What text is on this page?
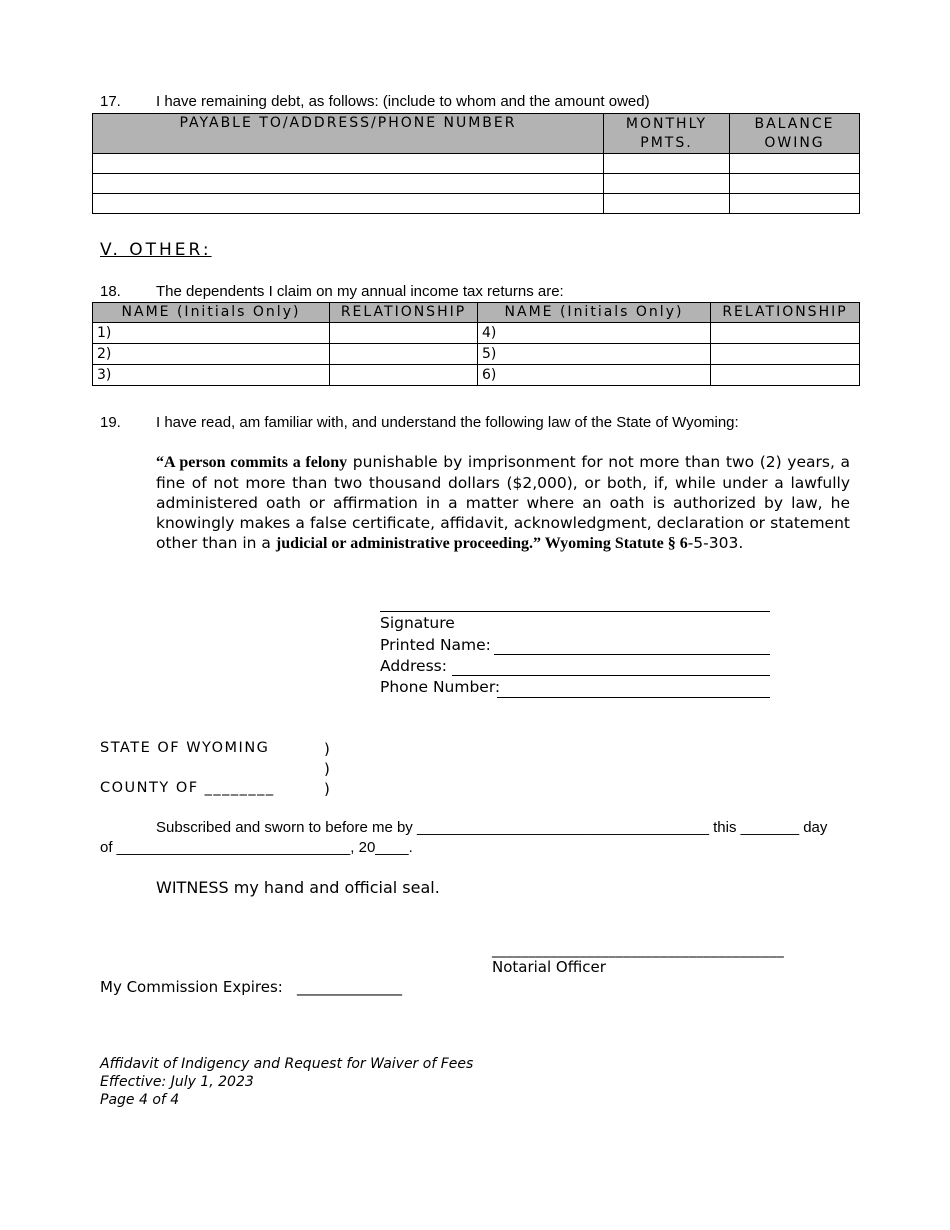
17. I have remaining debt, as follows: (include to whom and the amount owed)
PAYABLE TO/ADDRESS/PHONE NUMBER	MONTHLY PMTS.	BALANCE OWING

V. OTHER:
18. The dependents I claim on my annual income tax returns are:
NAME (Initials Only)	RELATIONSHIP	NAME (Initials Only)	RELATIONSHIP
1)		4)	
2)		5)	
3)		6)	
19. I have read, am familiar with, and understand the following law of the State of Wyoming:
“A person commits a felony punishable by imprisonment for not more than two (2) years, a fine of not more than two thousand dollars ($2,000), or both, if, while under a lawfully administered oath or affirmation in a matter where an oath is authorized by law, he knowingly makes a false certificate, affidavit, acknowledgment, declaration or statement other than in a judicial or administrative proceeding.” Wyoming Statute § 6-5-303.
Signature
Printed Name:
Address:
Phone Number:
STATE OF WYOMING	)
)
COUNTY OF ________	)
Subscribed and sworn to before me by ___________________________________ this _______ day
of ____________________________, 20____.
WITNESS my hand and official seal.
________________________________________
Notarial Officer
My Commission Expires: ______________
Affidavit of Indigency and Request for Waiver of Fees
Effective: July 1, 2023
Page 4 of 4
